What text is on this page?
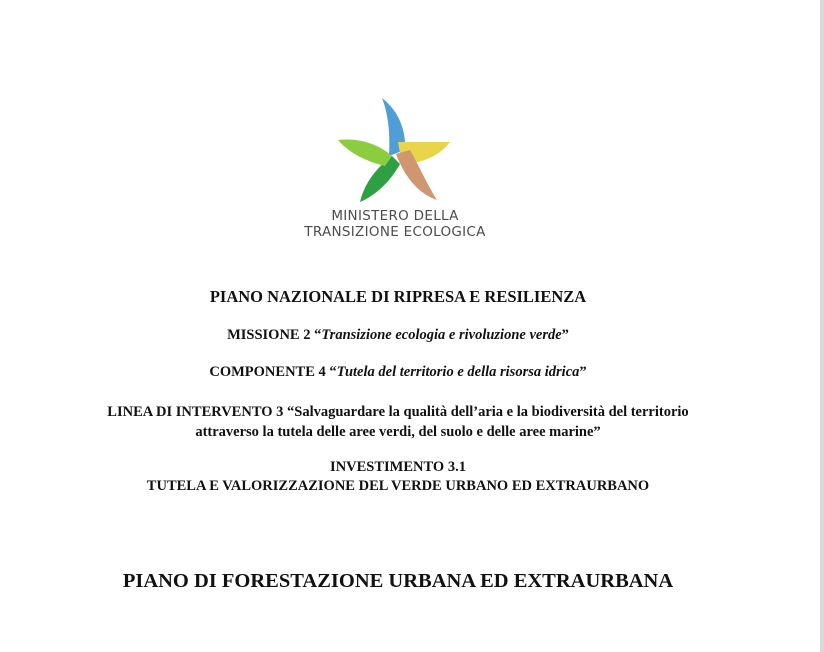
MINISTERO DELLA
TRANSIZIONE ECOLOGICA
PIANO NAZIONALE DI RIPRESA E RESILIENZA
MISSIONE 2 “Transizione ecologia e rivoluzione verde”
COMPONENTE 4 “Tutela del territorio e della risorsa idrica”
LINEA DI INTERVENTO 3 “Salvaguardare la qualità dell’aria e la biodiversità del territorio
attraverso la tutela delle aree verdi, del suolo e delle aree marine”
INVESTIMENTO 3.1
TUTELA E VALORIZZAZIONE DEL VERDE URBANO ED EXTRAURBANO
PIANO DI FORESTAZIONE URBANA ED EXTRAURBANA
